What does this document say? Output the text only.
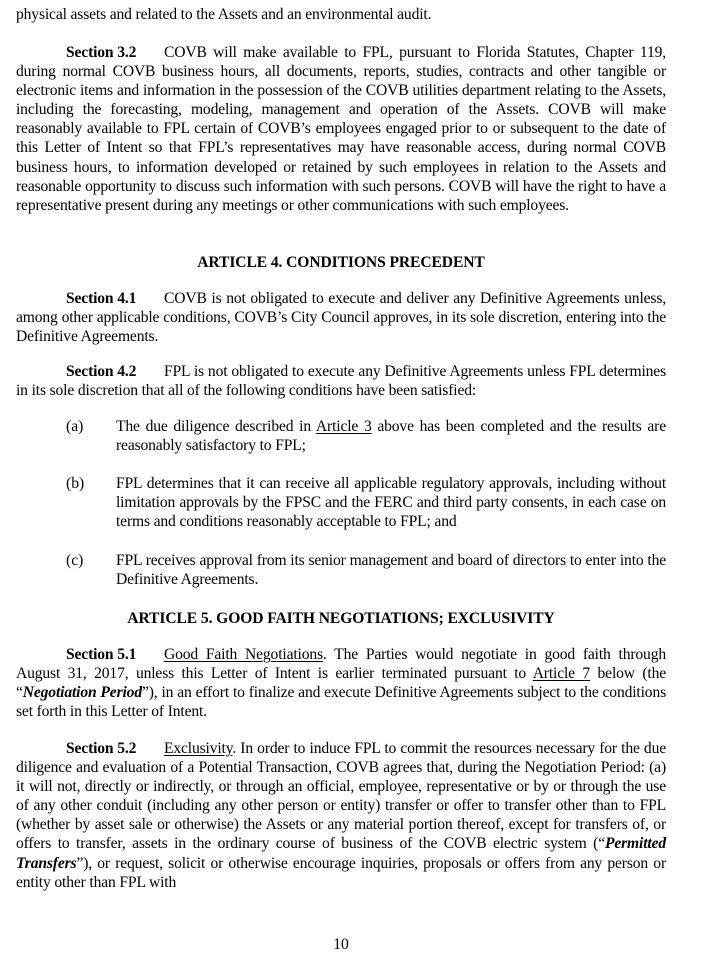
physical assets and related to the Assets and an environmental audit.
Section 3.2 COVB will make available to FPL, pursuant to Florida Statutes, Chapter 119, during normal COVB business hours, all documents, reports, studies, contracts and other tangible or electronic items and information in the possession of the COVB utilities department relating to the Assets, including the forecasting, modeling, management and operation of the Assets. COVB will make reasonably available to FPL certain of COVB’s employees engaged prior to or subsequent to the date of this Letter of Intent so that FPL’s representatives may have reasonable access, during normal COVB business hours, to information developed or retained by such employees in relation to the Assets and reasonable opportunity to discuss such information with such persons. COVB will have the right to have a representative present during any meetings or other communications with such employees.
ARTICLE 4. CONDITIONS PRECEDENT
Section 4.1 COVB is not obligated to execute and deliver any Definitive Agreements unless, among other applicable conditions, COVB’s City Council approves, in its sole discretion, entering into the Definitive Agreements.
Section 4.2 FPL is not obligated to execute any Definitive Agreements unless FPL determines in its sole discretion that all of the following conditions have been satisfied:
(a) The due diligence described in Article 3 above has been completed and the results are reasonably satisfactory to FPL;
(b) FPL determines that it can receive all applicable regulatory approvals, including without limitation approvals by the FPSC and the FERC and third party consents, in each case on terms and conditions reasonably acceptable to FPL; and
(c) FPL receives approval from its senior management and board of directors to enter into the Definitive Agreements.
ARTICLE 5. GOOD FAITH NEGOTIATIONS; EXCLUSIVITY
Section 5.1 Good Faith Negotiations. The Parties would negotiate in good faith through August 31, 2017, unless this Letter of Intent is earlier terminated pursuant to Article 7 below (the “Negotiation Period”), in an effort to finalize and execute Definitive Agreements subject to the conditions set forth in this Letter of Intent.
Section 5.2 Exclusivity. In order to induce FPL to commit the resources necessary for the due diligence and evaluation of a Potential Transaction, COVB agrees that, during the Negotiation Period: (a) it will not, directly or indirectly, or through an official, employee, representative or by or through the use of any other conduit (including any other person or entity) transfer or offer to transfer other than to FPL (whether by asset sale or otherwise) the Assets or any material portion thereof, except for transfers of, or offers to transfer, assets in the ordinary course of business of the COVB electric system (“Permitted Transfers”), or request, solicit or otherwise encourage inquiries, proposals or offers from any person or entity other than FPL with
10
